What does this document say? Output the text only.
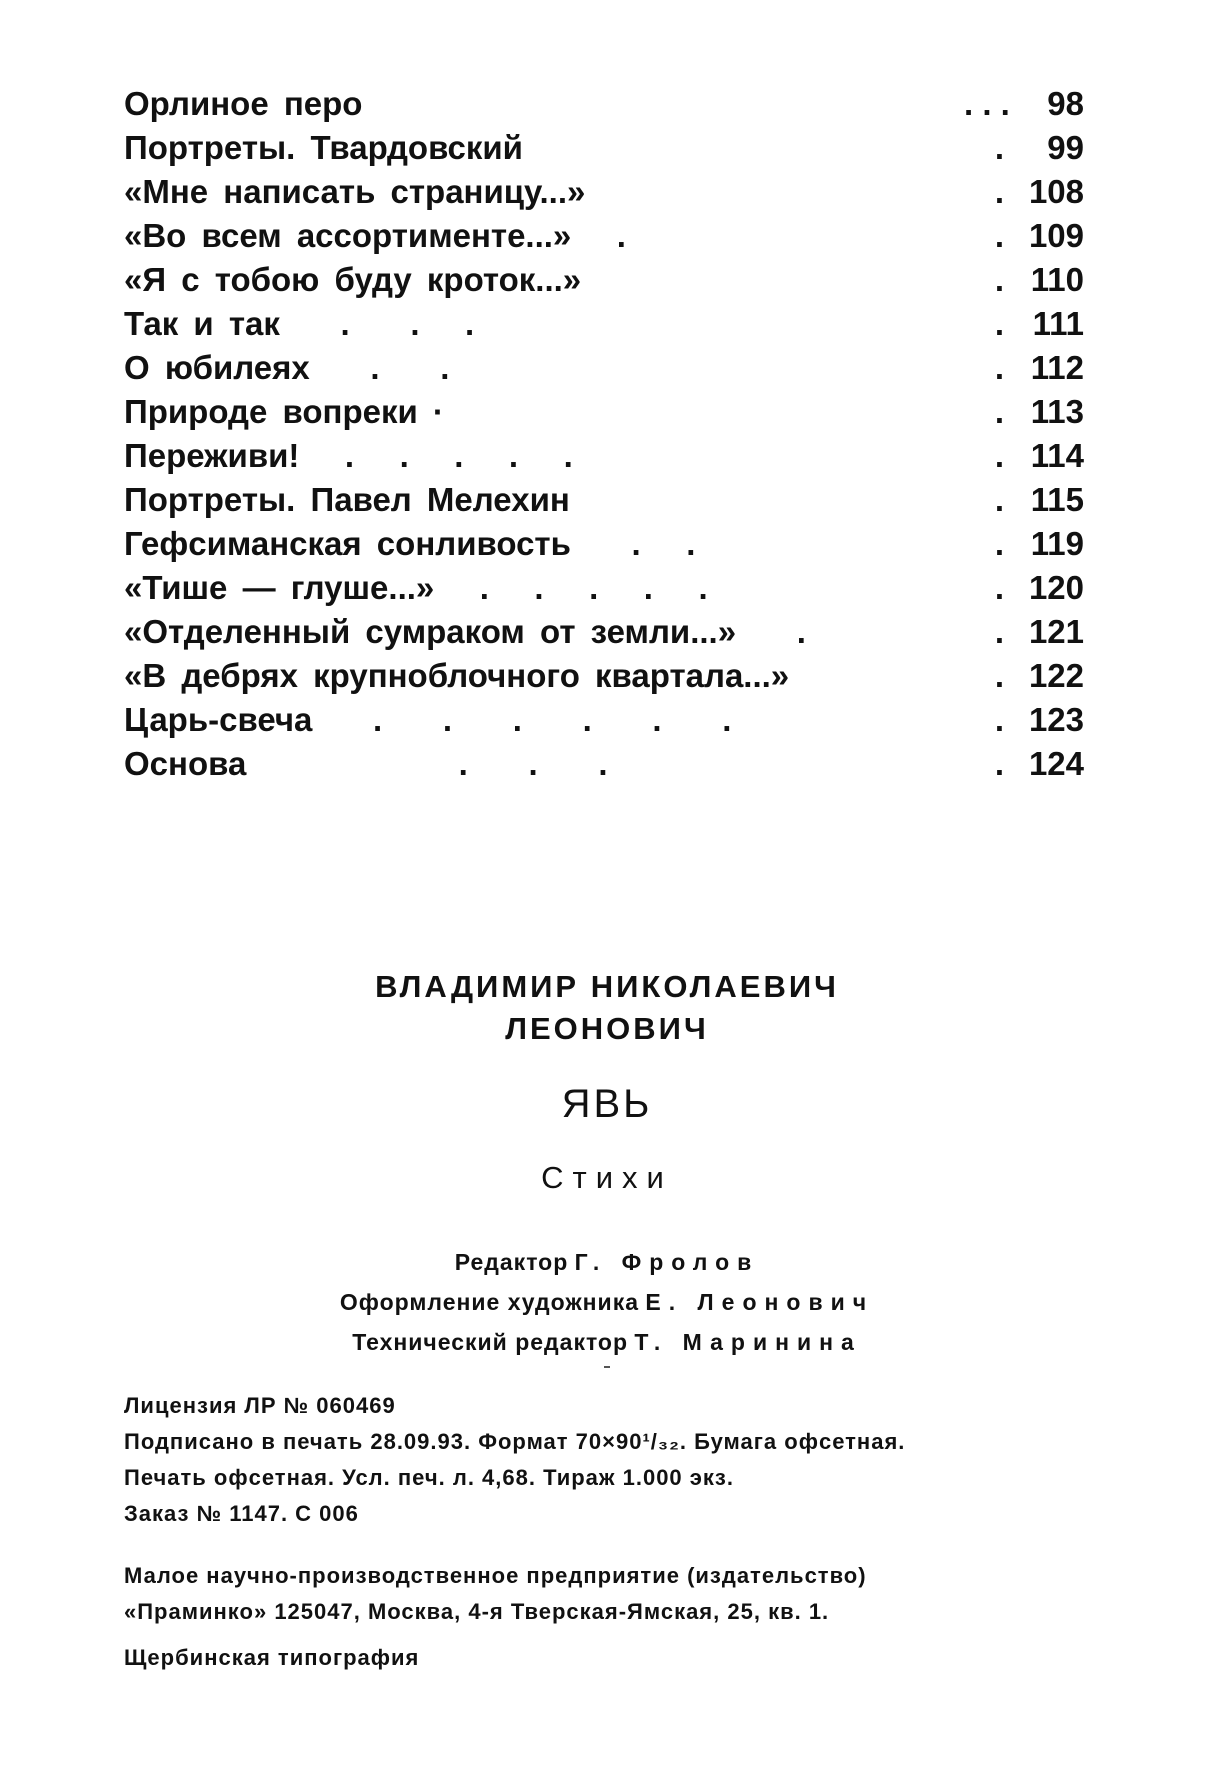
Орлиное перо	. . .	98
Портреты. Твардовский	.	99
«Мне написать страницу...»	. 108
«Во всем ассортименте...»   .	. 109
«Я с тобою буду кроток...»	. 110
Так и так    .    .   .	. 111
О юбилеях    .    .	. 112
Природе вопреки ·	. 113
Переживи!   .   .   .   .   .	. 114
Портреты. Павел Мелехин	. 115
Гефсиманская сонливость    .   .	. 119
«Тише — глуше...»   .   .   .   .   .	. 120
«Отделенный сумраком от земли...»    .	. 121
«В дебрях крупноблочного квартала...»	. 122
Царь-свеча    .    .    .    .    .    .	. 123
Основа              .    .    .	. 124
ВЛАДИМИР НИКОЛАЕВИЧ
ЛЕОНОВИЧ
ЯВЬ
Стихи
Редактор Г. Фролов
Оформление художника Е. Леонович
Технический редактор Т. Маринина

Лицензия ЛР № 060469

Подписано в печать 28.09.93. Формат 70×90¹/₃₂. Бумага офсетная.

Печать офсетная. Усл. печ. л. 4,68. Тираж 1.000 экз.

Заказ № 1147. С 006

Малое научно-производственное предприятие (издательство)

«Праминко» 125047, Москва, 4-я Тверская-Ямская, 25, кв. 1.

Щербинская типография
